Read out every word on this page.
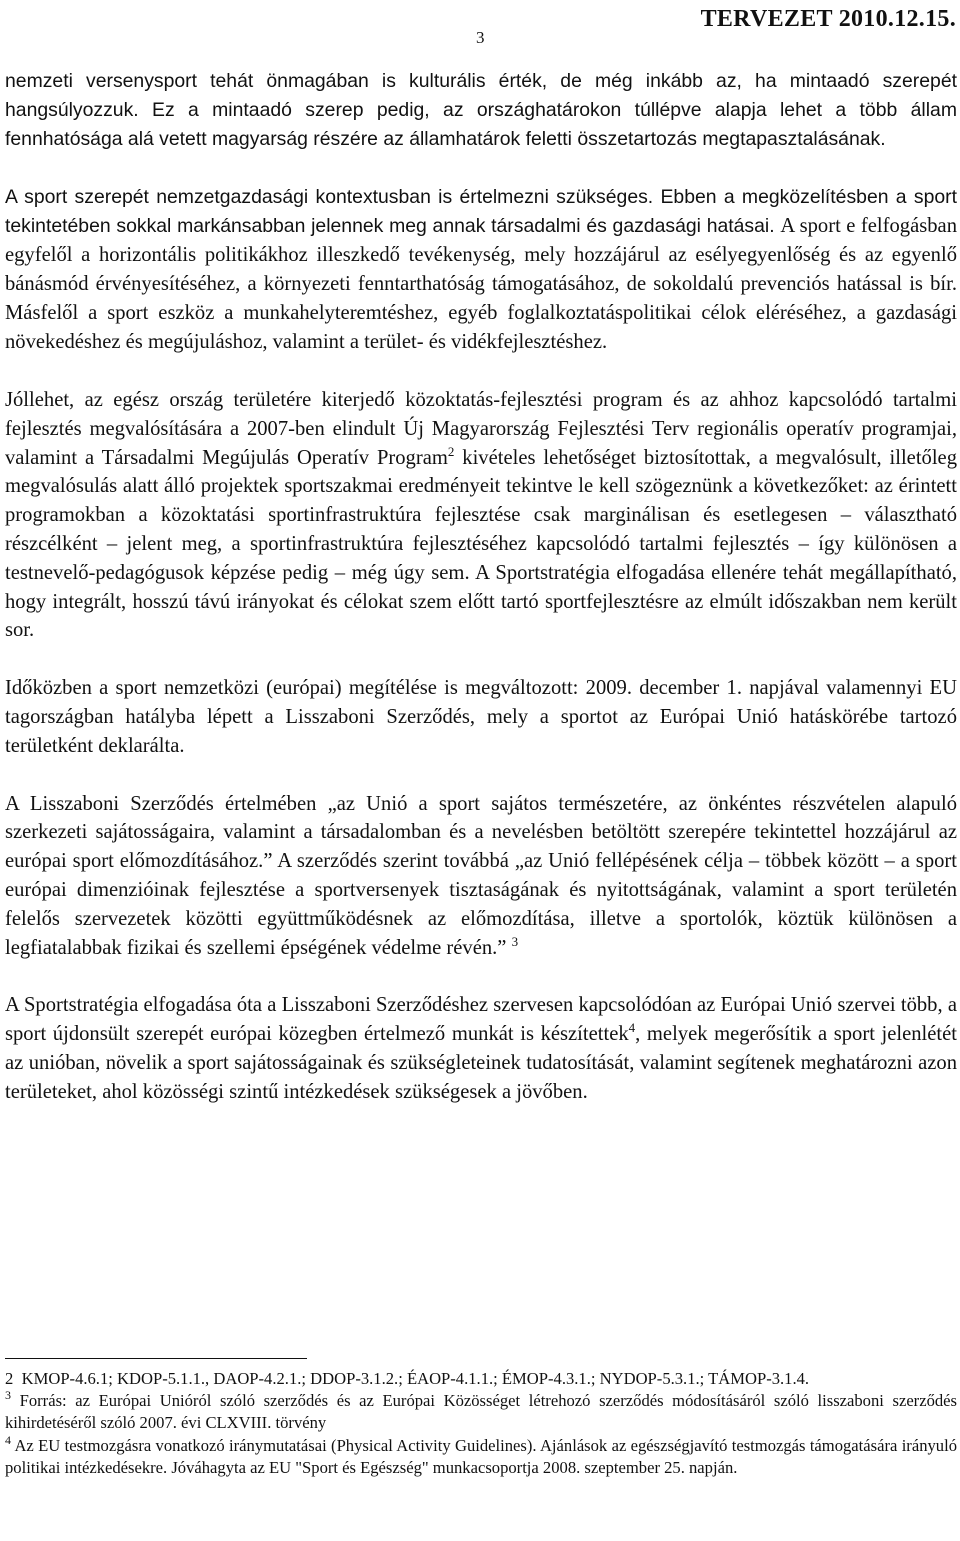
3
TERVEZET 2010.12.15.

nemzeti versenysport tehát önmagában is kulturális érték, de még inkább az, ha mintaadó szerepét hangsúlyozzuk. Ez a mintaadó szerep pedig, az országhatárokon túllépve alapja lehet a több állam fennhatósága alá vetett magyarság részére az államhatárok feletti összetartozás megtapasztalásának.

A sport szerepét nemzetgazdasági kontextusban is értelmezni szükséges. Ebben a megközelítésben a sport tekintetében sokkal markánsabban jelennek meg annak társadalmi és gazdasági hatásai. A sport e felfogásban egyfelől a horizontális politikákhoz illeszkedő tevékenység, mely hozzájárul az esélyegyenlőség és az egyenlő bánásmód érvényesítéséhez, a környezeti fenntarthatóság támogatásához, de sokoldalú prevenciós hatással is bír. Másfelől a sport eszköz a munkahelyteremtéshez, egyéb foglalkoztatáspolitikai célok eléréséhez, a gazdasági növekedéshez és megújuláshoz, valamint a terület- és vidékfejlesztéshez.

Jóllehet, az egész ország területére kiterjedő közoktatás-fejlesztési program és az ahhoz kapcsolódó tartalmi fejlesztés megvalósítására a 2007-ben elindult Új Magyarország Fejlesztési Terv regionális operatív programjai, valamint a Társadalmi Megújulás Operatív Program$^2$ kivételes lehetőséget biztosítottak, a megvalósult, illetőleg megvalósulás alatt álló projektek sportszakmai eredményeit tekintve le kell szögeznünk a következőket: az érintett programokban a közoktatási sportinfrastruktúra fejlesztése csak marginálisan és esetlegesen – választható részcélként – jelent meg, a sportinfrastruktúra fejlesztéséhez kapcsolódó tartalmi fejlesztés – így különösen a testnevelő-pedagógusok képzése pedig – még úgy sem. A Sportstratégia elfogadása ellenére tehát megállapítható, hogy integrált, hosszú távú irányokat és célokat szem előtt tartó sportfejlesztésre az elmúlt időszakban nem került sor.

Időközben a sport nemzetközi (európai) megítélése is megváltozott: 2009. december 1. napjával valamennyi EU tagországban hatályba lépett a Lisszaboni Szerződés, mely a sportot az Európai Unió hatáskörébe tartozó területként deklarálta.

A Lisszaboni Szerződés értelmében „az Unió a sport sajátos természetére, az önkéntes részvételen alapuló szerkezeti sajátosságaira, valamint a társadalomban és a nevelésben betöltött szerepére tekintettel hozzájárul az európai sport előmozdításához.” A szerződés szerint továbbá „az Unió fellépésének célja – többek között – a sport európai dimenzióinak fejlesztése a sportversenyek tisztaságának és nyitottságának, valamint a sport területén felelős szervezetek közötti együttműködésnek az előmozdítása, illetve a sportolók, köztük különösen a legfiatalabbak fizikai és szellemi épségének védelme révén.” $^3$

A Sportstratégia elfogadása óta a Lisszaboni Szerződéshez szervesen kapcsolódóan az Európai Unió szervei több, a sport újdonsült szerepét európai közegben értelmező munkát is készítettek$^4$, melyek megerősítik a sport jelenlétét az unióban, növelik a sport sajátosságainak és szükségleteinek tudatosítását, valamint segítenek meghatározni azon területeket, ahol közösségi szintű intézkedések szükségesek a jövőben.

2 KMOP-4.6.1; KDOP-5.1.1., DAOP-4.2.1.; DDOP-3.1.2.; ÉAOP-4.1.1.; ÉMOP-4.3.1.; NYDOP-5.3.1.; TÁMOP-3.1.4.

$^3$ Forrás: az Európai Unióról szóló szerződés és az Európai Közösséget létrehozó szerződés módosításáról szóló lisszaboni szerződés kihirdetéséről szóló 2007. évi CLXVIII. törvény

$^4$ Az EU testmozgásra vonatkozó iránymutatásai (Physical Activity Guidelines). Ajánlások az egészségjavító testmozgás támogatására irányuló politikai intézkedésekre. Jóváhagyta az EU "Sport és Egészség" munkacsoportja 2008. szeptember 25. napján.
